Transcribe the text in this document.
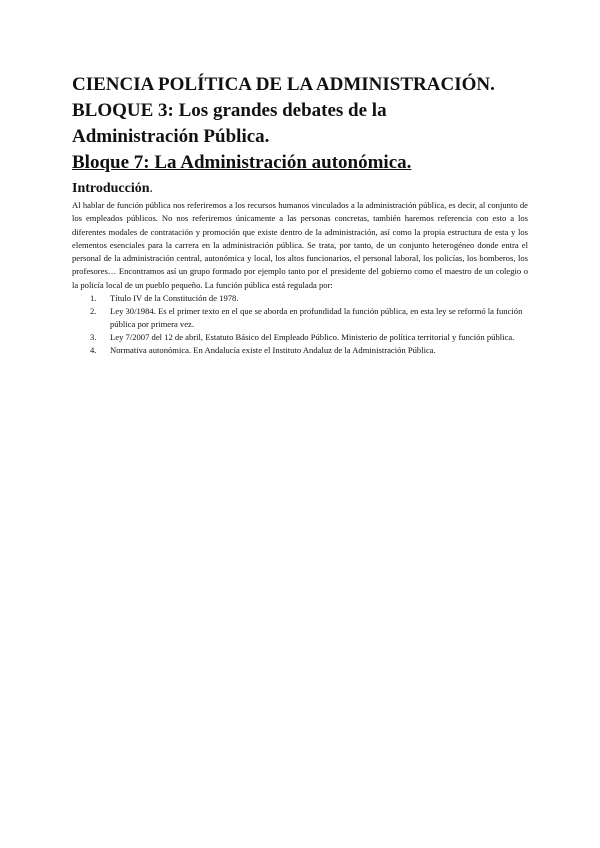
CIENCIA POLÍTICA DE LA ADMINISTRACIÓN.
BLOQUE 3: Los grandes debates de la
Administración Pública.
Bloque 7: La Administración autonómica.
Introducción.

Al hablar de función pública nos referiremos a los recursos humanos vinculados a la administración pública, es decir, al conjunto de los empleados públicos. No nos referiremos únicamente a las personas concretas, también haremos referencia con esto a los diferentes modales de contratación y promoción que existe dentro de la administración, así como la propia estructura de esta y los elementos esenciales para la carrera en la administración pública. Se trata, por tanto, de un conjunto heterogéneo donde entra el personal de la administración central, autonómica y local, los altos funcionarios, el personal laboral, los policías, los bomberos, los profesores… Encontramos así un grupo formado por ejemplo tanto por el presidente del gobierno como el maestro de un colegio o la policía local de un pueblo pequeño. La función pública está regulada por:

1. Título IV de la Constitución de 1978.
2. Ley 30/1984. Es el primer texto en el que se aborda en profundidad la función pública, en esta ley se reformó la función pública por primera vez.
3. Ley 7/2007 del 12 de abril, Estatuto Básico del Empleado Público. Ministerio de política territorial y función pública.
4. Normativa autonómica. En Andalucía existe el Instituto Andaluz de la Administración Pública.
